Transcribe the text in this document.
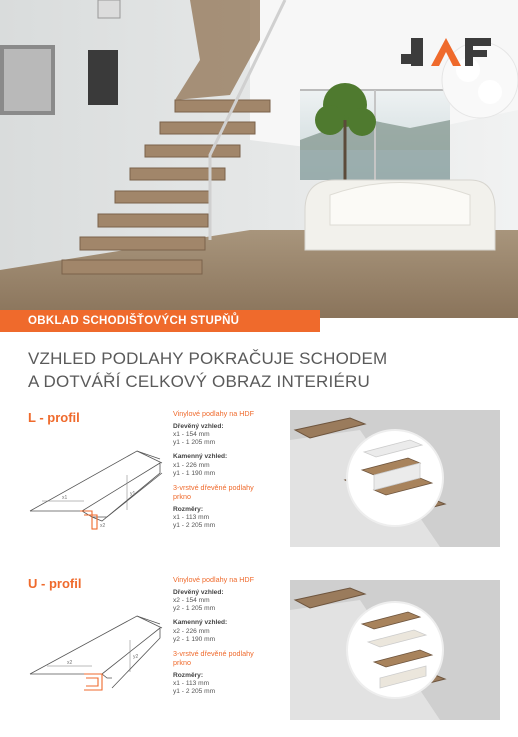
OBKLAD SCHODIŠŤOVÝCH STUPŇŮ
VZHLED PODLAHY POKRAČUJE SCHODEM
A DOTVÁŘÍ CELKOVÝ OBRAZ INTERIÉRU
L - profil
x1
y1
x2
Vinylové podlahy na HDF
Dřevěný vzhled:
x1 - 154 mm
y1 - 1 205 mm
Kamenný vzhled:
x1 - 226 mm
y1 - 1 190 mm
3-vrstvé dřevěné podlahy
prkno
Rozměry:
x1 - 113 mm
y1 - 2 205 mm
U - profil
x2
y2
Vinylové podlahy na HDF
Dřevěný vzhled:
x2 - 154 mm
y2 - 1 205 mm
Kamenný vzhled:
x2 - 226 mm
y2 - 1 190 mm
3-vrstvé dřevěné podlahy
prkno
Rozměry:
x1 - 113 mm
y1 - 2 205 mm
